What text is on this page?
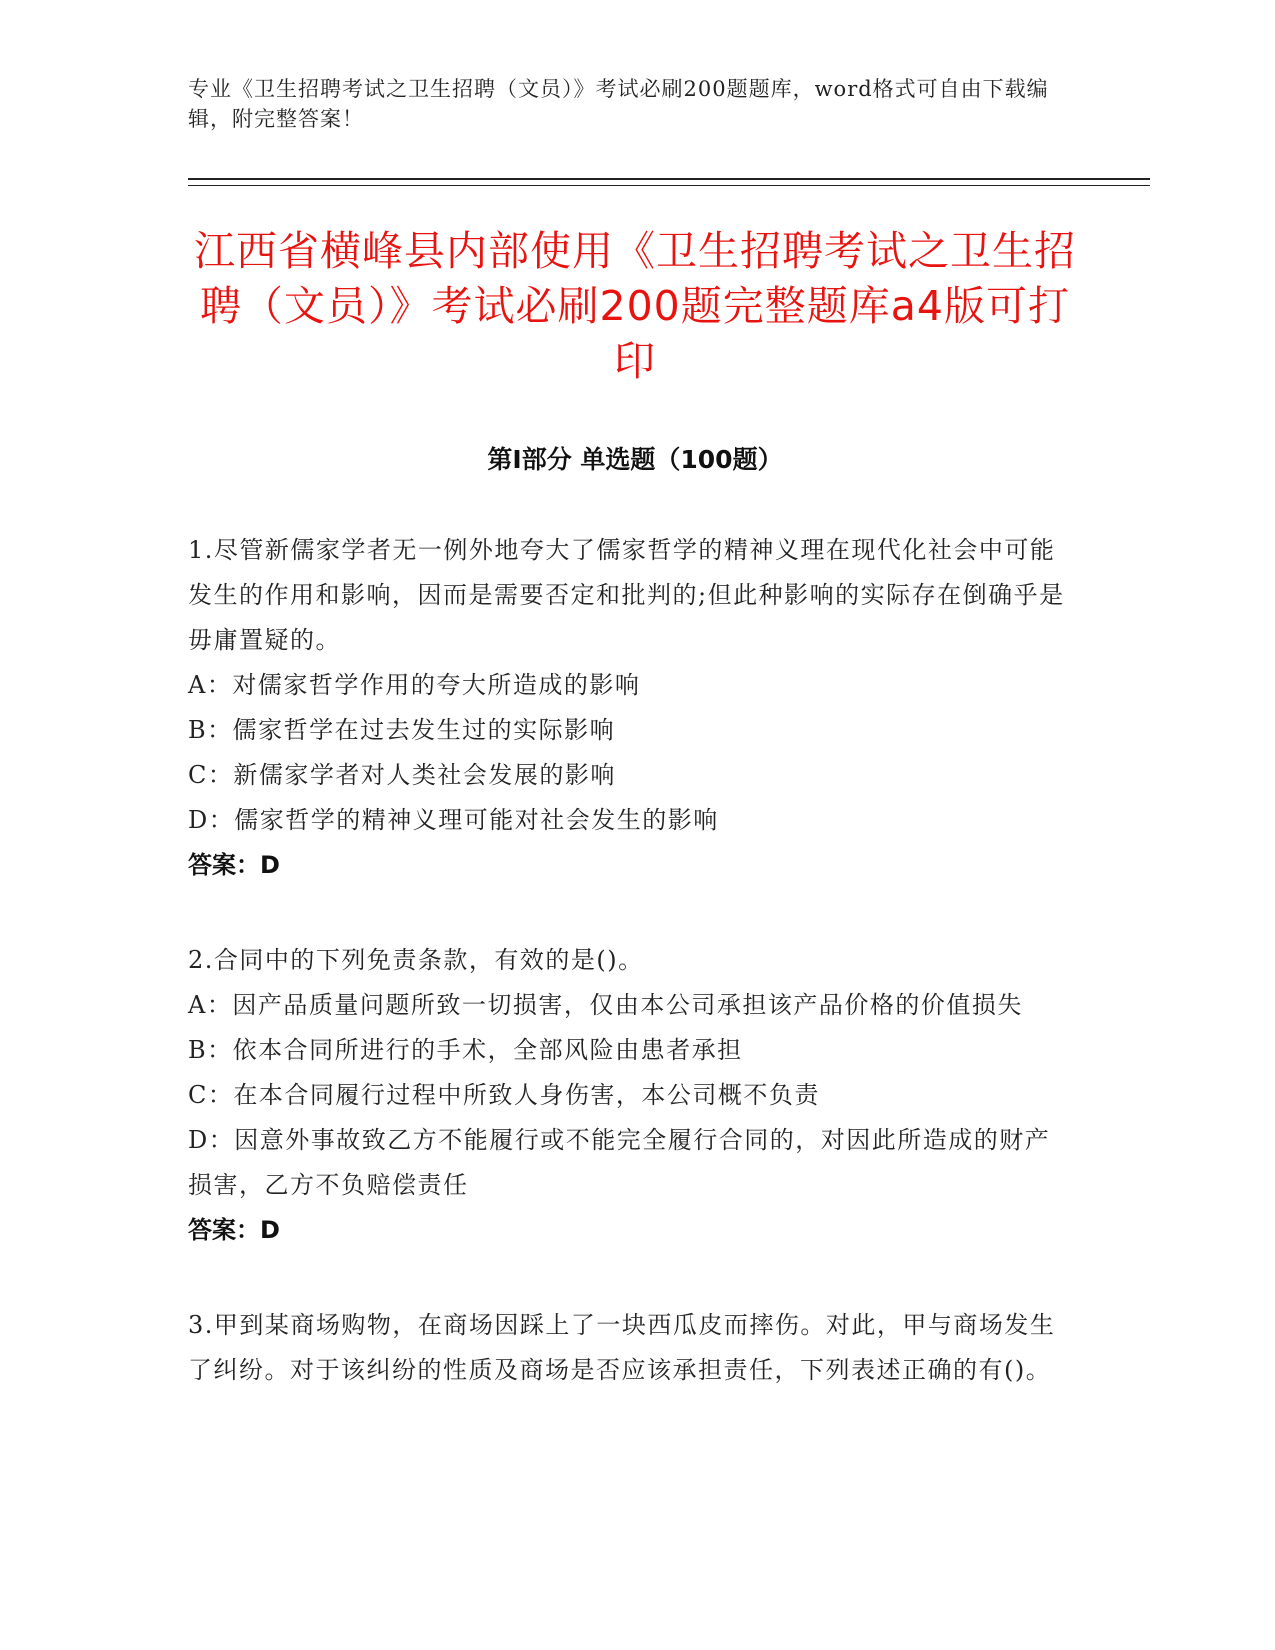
专业《卫生招聘考试之卫生招聘（文员）》考试必刷200题题库，word格式可自由下载编辑，附完整答案！
江西省横峰县内部使用《卫生招聘考试之卫生招聘（文员）》考试必刷200题完整题库a4版可打印
第I部分 单选题（100题）

1.尽管新儒家学者无一例外地夸大了儒家哲学的精神义理在现代化社会中可能发生的作用和影响，因而是需要否定和批判的;但此种影响的实际存在倒确乎是毋庸置疑的。

A：对儒家哲学作用的夸大所造成的影响

B：儒家哲学在过去发生过的实际影响

C：新儒家学者对人类社会发展的影响

D：儒家哲学的精神义理可能对社会发生的影响

答案：D

2.合同中的下列免责条款，有效的是()。

A：因产品质量问题所致一切损害，仅由本公司承担该产品价格的价值损失

B：依本合同所进行的手术，全部风险由患者承担

C：在本合同履行过程中所致人身伤害，本公司概不负责

D：因意外事故致乙方不能履行或不能完全履行合同的，对因此所造成的财产损害，乙方不负赔偿责任

答案：D

3.甲到某商场购物，在商场因踩上了一块西瓜皮而摔伤。对此，甲与商场发生了纠纷。对于该纠纷的性质及商场是否应该承担责任，下列表述正确的有()。
